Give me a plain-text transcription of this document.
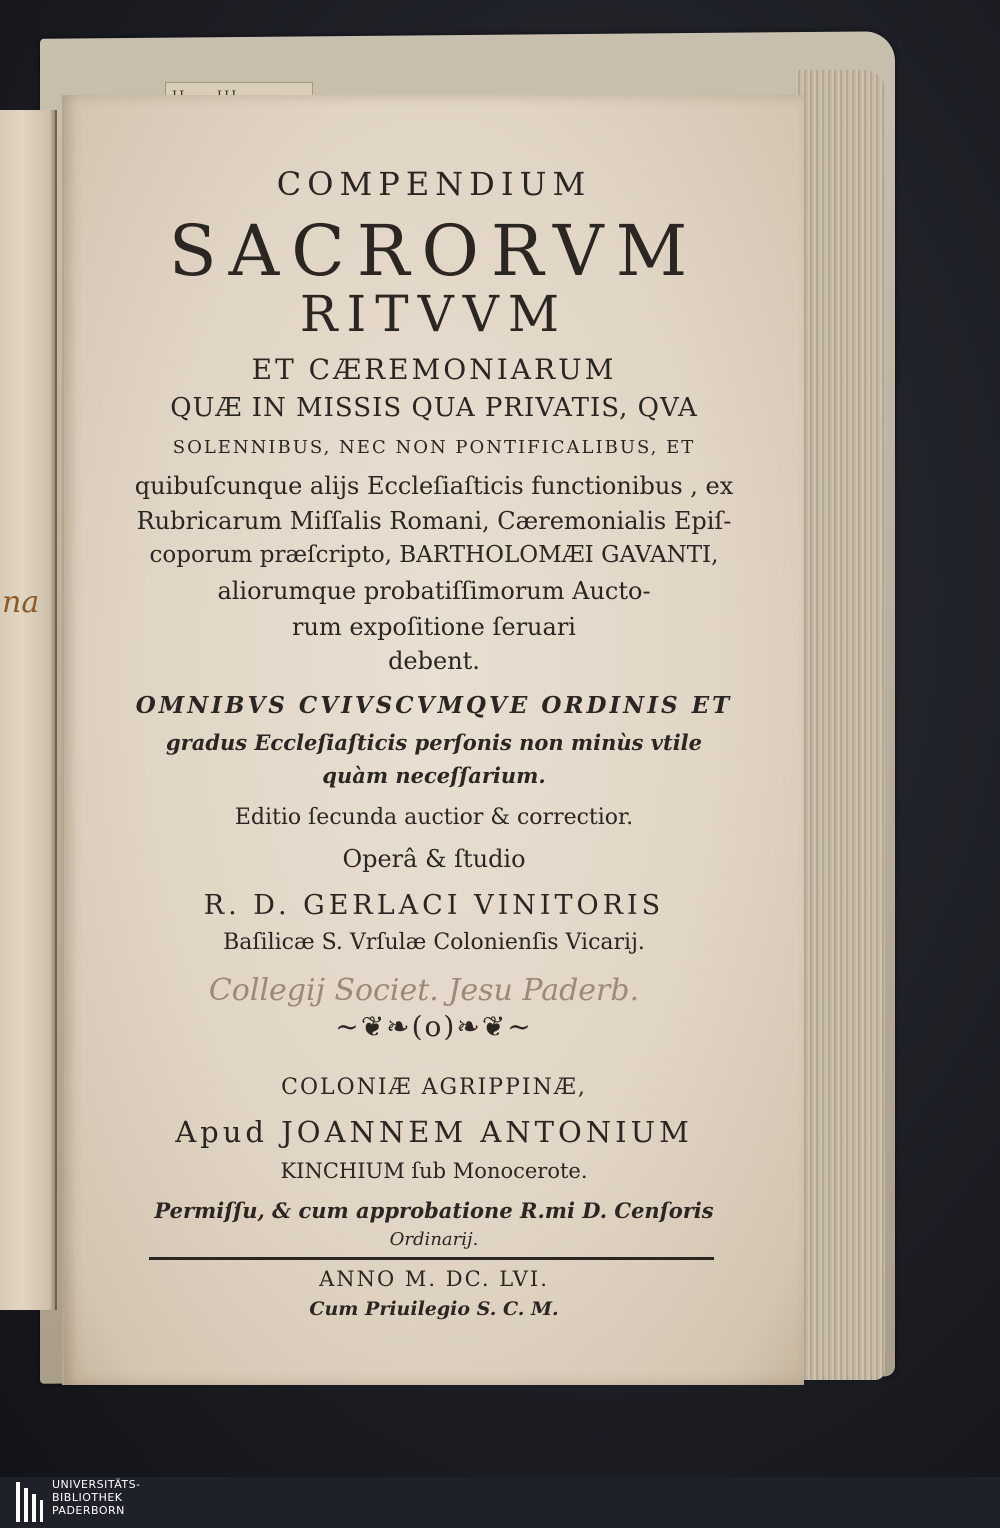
na
COMPENDIUM
SACRORVM
RITVVM
ET CÆREMONIARUM
QUÆ IN MISSIS QUA PRIVATIS, QVA
SOLENNIBUS, NEC NON PONTIFICALIBUS, ET
quibuſcunque alijs Eccleſiaſticis functionibus , ex
Rubricarum Miſſalis Romani, Cæremonialis Epiſ-
coporum præſcripto, BARTHOLOMÆI GAVANTI,
aliorumque probatiſſimorum Aucto-
rum expoſitione ſeruari
debent.
OMNIBVS CVIVSCVMQVE ORDINIS ET
gradus Eccleſiaſticis perſonis non minùs vtile
quàm neceſſarium.
Editio ſecunda auctior & correctior.
Operâ & ſtudio
R. D. GERLACI VINITORIS
Baſilicæ S. Vrſulæ Colonienſis Vicarij.
Collegij Societ. Jesu Paderb.
~❦❧(o)❧❦~
COLONIÆ AGRIPPINÆ,
Apud JOANNEM ANTONIUM
KINCHIUM ſub Monocerote.
Permiſſu, & cum approbatione R.mi D. Cenſoris
Ordinarij.
ANNO M. DC. LVI.
Cum Priuilegio S. C. M.
UNIVERSITÄTS-
BIBLIOTHEK
PADERBORN
